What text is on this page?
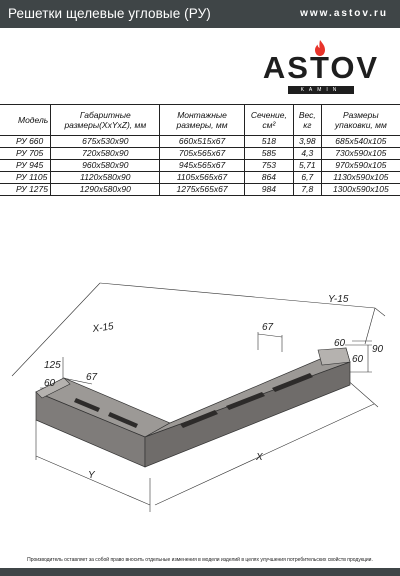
Решетки щелевые угловые (РУ)	www.astov.ru
ASTOV
KAMIN
Модель	Габаритные размеры(XxYxZ), мм	Монтажные размеры, мм	Сечение, см²	Вес, кг	Размеры упаковки, мм
РУ 660	675x530x90	660x515x67	518	3,98	685x540x105
РУ 705	720x580x90	705x565x67	585	4,3	730x590x105
РУ 945	960x580x90	945x565x67	753	5,71	970x590x105
РУ 1105	1120x580x90	1105x565x67	864	6,7	1130x590x105
РУ 1275	1290x580x90	1275x565x67	984	7,8	1300x590x105
X-15
Y-15
X
Y
67
67
125
60
60
60
90
Производитель оставляет за собой право вносить отдельные изменения в модели изделий в целях улучшения потребительских свойств продукции.
